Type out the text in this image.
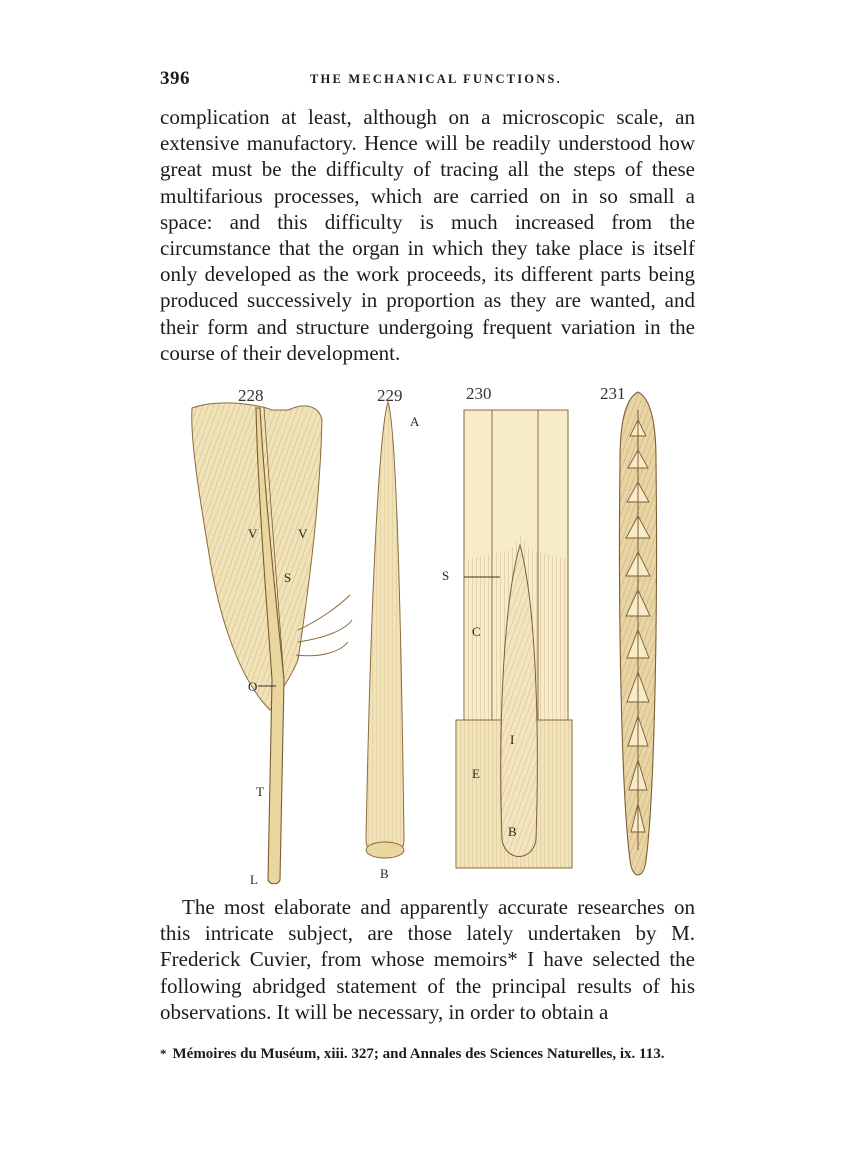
396	THE MECHANICAL FUNCTIONS.

complication at least, although on a microscopic scale, an extensive manufactory. Hence will be readily understood how great must be the difficulty of tracing all the steps of these multifarious processes, which are carried on in so small a space: and this difficulty is much increased from the circumstance that the organ in which they take place is itself only developed as the work proceeds, its different parts being produced successively in proportion as they are wanted, and their form and structure undergoing frequent variation in the course of their development.

228	229	230	231
V	V
S
O
T
L
A
B
S
C
I
E
B

The most elaborate and apparently accurate researches on this intricate subject, are those lately undertaken by M. Frederick Cuvier, from whose memoirs* I have selected the following abridged statement of the principal results of his observations. It will be necessary, in order to obtain a

* Mémoires du Muséum, xiii. 327; and Annales des Sciences Naturelles, ix. 113.
